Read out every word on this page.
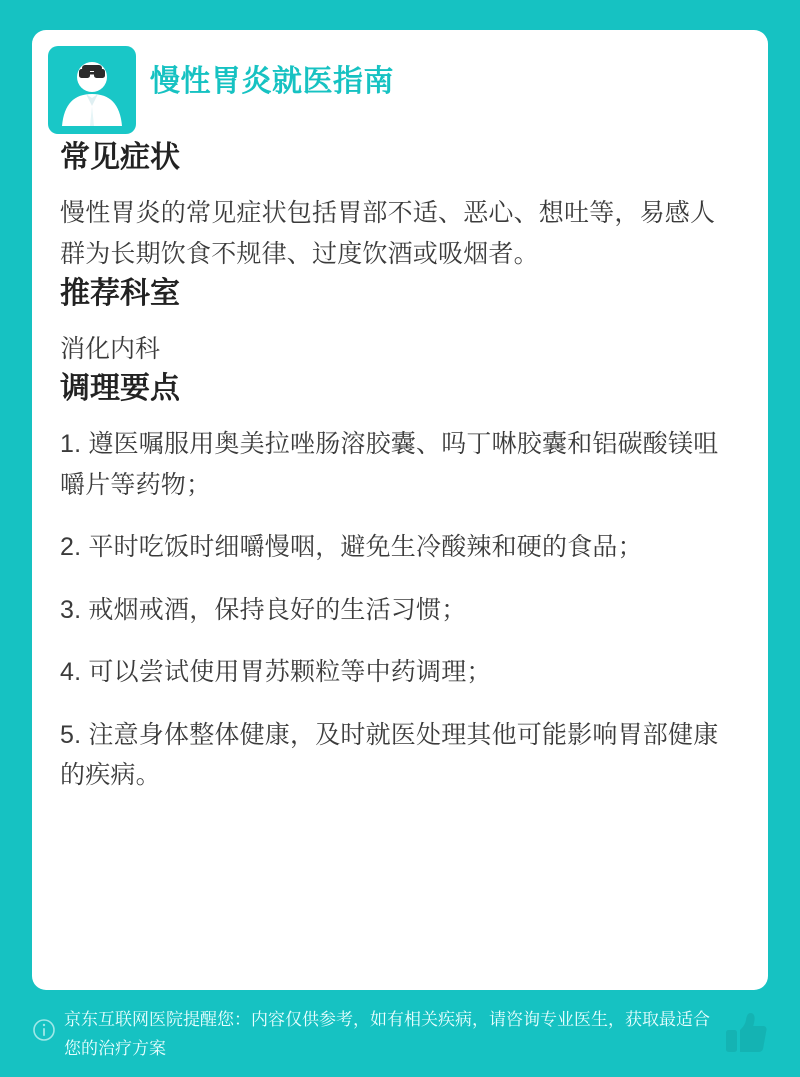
慢性胃炎就医指南
常见症状

慢性胃炎的常见症状包括胃部不适、恶心、想吐等，易感人群为长期饮食不规律、过度饮酒或吸烟者。

推荐科室

消化内科

调理要点
1. 遵医嘱服用奥美拉唑肠溶胶囊、吗丁啉胶囊和铝碳酸镁咀嚼片等药物；
2. 平时吃饭时细嚼慢咽，避免生冷酸辣和硬的食品；
3. 戒烟戒酒，保持良好的生活习惯；
4. 可以尝试使用胃苏颗粒等中药调理；
5. 注意身体整体健康，及时就医处理其他可能影响胃部健康的疾病。
京东互联网医院提醒您：内容仅供参考，如有相关疾病，请咨询专业医生，获取最适合您的治疗方案
